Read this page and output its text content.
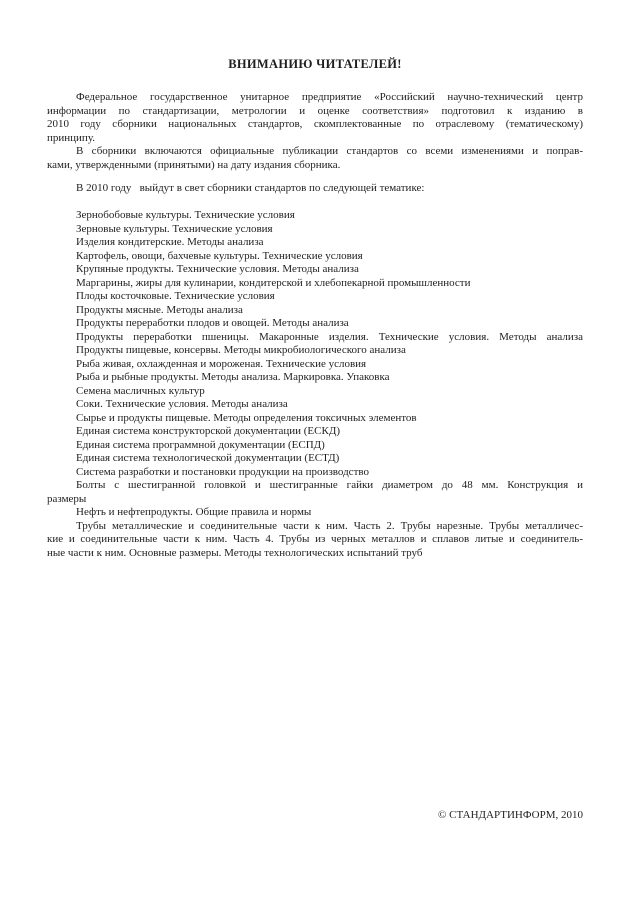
ВНИМАНИЮ ЧИТАТЕЛЕЙ!

Федеральное государственное унитарное предприятие «Российский научно-технический центр
информации по стандартизации, метрологии и оценке соответствия» подготовил к изданию в
2010 году сборники национальных стандартов, скомплектованные по отраслевому (тематическому)
принципу.

В сборники включаются официальные публикации стандартов со всеми изменениями и поправ-
ками, утвержденными (принятыми) на дату издания сборника.

В 2010 году   выйдут в свет сборники стандартов по следующей тематике:

Зернобобовые культуры. Технические условия

Зерновые культуры. Технические условия

Изделия кондитерские. Методы анализа

Картофель, овощи, бахчевые культуры. Технические условия

Крупяные продукты. Технические условия. Методы анализа

Маргарины, жиры для кулинарии, кондитерской и хлебопекарной промышленности

Плоды косточковые. Технические условия

Продукты мясные. Методы анализа

Продукты переработки плодов и овощей. Методы анализа

Продукты переработки пшеницы. Макаронные изделия. Технические условия. Методы анализа

Продукты пищевые, консервы. Методы микробиологического анализа

Рыба живая, охлажденная и мороженая. Технические условия

Рыба и рыбные продукты. Методы анализа. Маркировка. Упаковка

Семена масличных культур

Соки. Технические условия. Методы анализа

Сырье и продукты пищевые. Методы определения токсичных элементов

Единая система конструкторской документации (ЕСКД)

Единая система программной документации (ЕСПД)

Единая система технологической документации (ЕСТД)

Система разработки и постановки продукции на производство

Болты с шестигранной головкой и шестигранные гайки диаметром до 48 мм. Конструкция и
размеры

Нефть и нефтепродукты. Общие правила и нормы

Трубы металлические и соединительные части к ним. Часть 2. Трубы нарезные. Трубы металличес-
кие и соединительные части к ним. Часть 4. Трубы из черных металлов и сплавов литые и соединитель-
ные части к ним. Основные размеры. Методы технологических испытаний труб

© СТАНДАРТИНФОРМ, 2010
